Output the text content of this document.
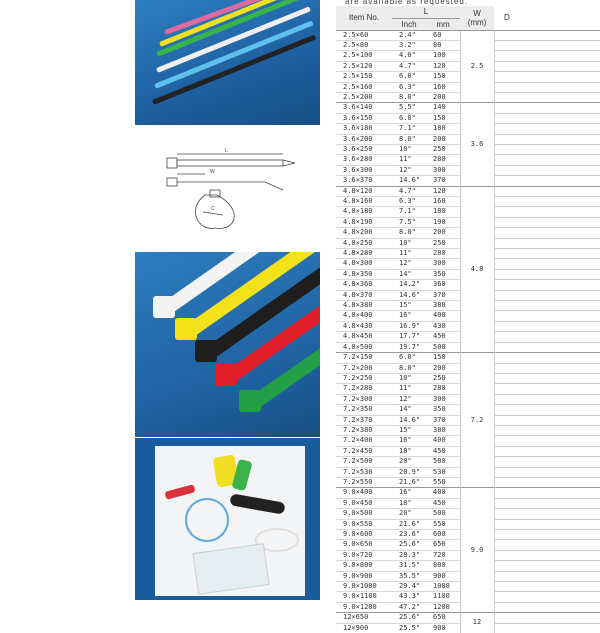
are available as requested.
L
W
C
Item No.	L		W
(mm)	D
	Inch	mm		
2.5×60	2.4"	60	2.5	
2.5×80	3.2"	80		
2.5×100	4.0"	100		
2.5×120	4.7"	120		
2.5×150	6.0"	150		
2.5×160	6.3"	160		
2.5×200	8.0"	200		
3.6×140	5.5"	140	3.6	
3.6×150	6.0"	150		
3.6×180	7.1"	180		
3.6×200	8.0"	200		
3.6×250	10"	250		
3.6×280	11"	280		
3.6×300	12"	300		
3.6×370	14.6"	370		
4.8×120	4.7"	120	4.8	
4.8×160	6.3"	160		
4.8×180	7.1"	180		
4.8×190	7.5"	190		
4.8×200	8.0"	200		
4.8×250	10"	250		
4.8×280	11"	280		
4.8×300	12"	300		
4.8×350	14"	350		
4.8×360	14.2"	360		
4.8×370	14.6"	370		
4.8×380	15"	380		
4.8×400	16"	400		
4.8×430	16.9"	430		
4.8×450	17.7"	450		
4.8×500	19.7"	500		
7.2×150	6.0"	150	7.2	
7.2×200	8.0"	200		
7.2×250	10"	250		
7.2×280	11"	280		
7.2×300	12"	300		
7.2×350	14"	350		
7.2×370	14.6"	370		
7.2×380	15"	380		
7.2×400	16"	400		
7.2×450	18"	450		
7.2×500	20"	500		
7.2×530	20.9"	530		
7.2×550	21.6"	550		
9.0×400	16"	400	9.0	
9.0×450	18"	450		
9.0×500	20"	500		
9.0×550	21.6"	550		
9.0×600	23.6"	600		
9.0×650	25.6"	650		
9.0×720	28.3"	720		
9.0×800	31.5"	800		
9.0×900	35.5"	900		
9.0×1000	29.4"	1000		
9.0×1100	43.3"	1100		
9.0×1200	47.2"	1200		
12×650	25.6"	650	12	
12×900	25.5"	900		
